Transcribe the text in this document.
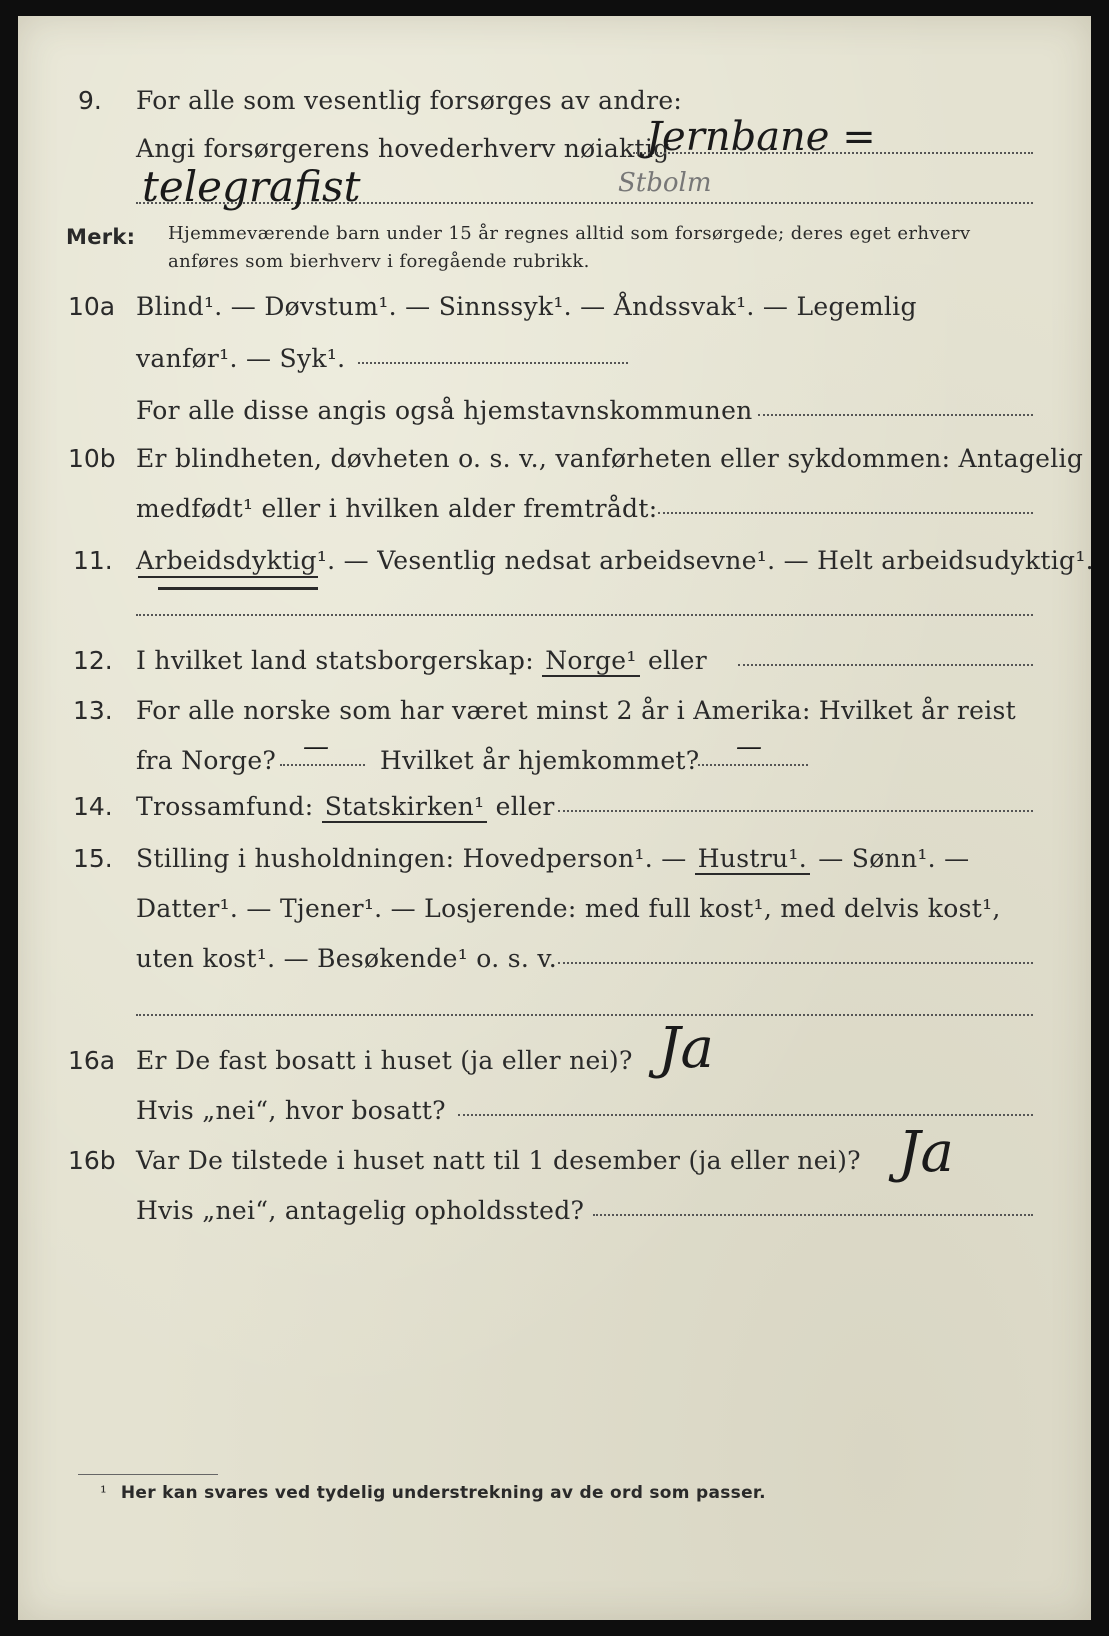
9. For alle som vesentlig forsørges av andre:
Angi forsørgerens hovederhverv nøiaktig
Jernbane =
telegrafist	Stbolm
Merk: Hjemmeværende barn under 15 år regnes alltid som forsørgede; deres eget erhverv
anføres som bierhverv i foregående rubrikk.
10a Blind¹. — Døvstum¹. — Sinnssyk¹. — Åndssvak¹. — Legemlig
vanfør¹. — Syk¹.
For alle disse angis også hjemstavnskommunen
10b Er blindheten, døvheten o. s. v., vanførheten eller sykdommen: Antagelig
medfødt¹ eller i hvilken alder fremtrådt:
11. Arbeidsdyktig¹. — Vesentlig nedsat arbeidsevne¹. — Helt arbeidsudyktig¹.
12. I hvilket land statsborgerskap: Norge¹ eller
13. For alle norske som har været minst 2 år i Amerika: Hvilket år reist
fra Norge? — Hvilket år hjemkommet? —
14. Trossamfund: Statskirken¹ eller
15. Stilling i husholdningen: Hovedperson¹. — Hustru¹. — Sønn¹. —
Datter¹. — Tjener¹. — Losjerende: med full kost¹, med delvis kost¹,
uten kost¹. — Besøkende¹ o. s. v.
16a Er De fast bosatt i huset (ja eller nei)? Ja
Hvis „nei“, hvor bosatt?
16b Var De tilstede i huset natt til 1 desember (ja eller nei)? Ja
Hvis „nei“, antagelig opholdssted?
¹ Her kan svares ved tydelig understrekning av de ord som passer.
